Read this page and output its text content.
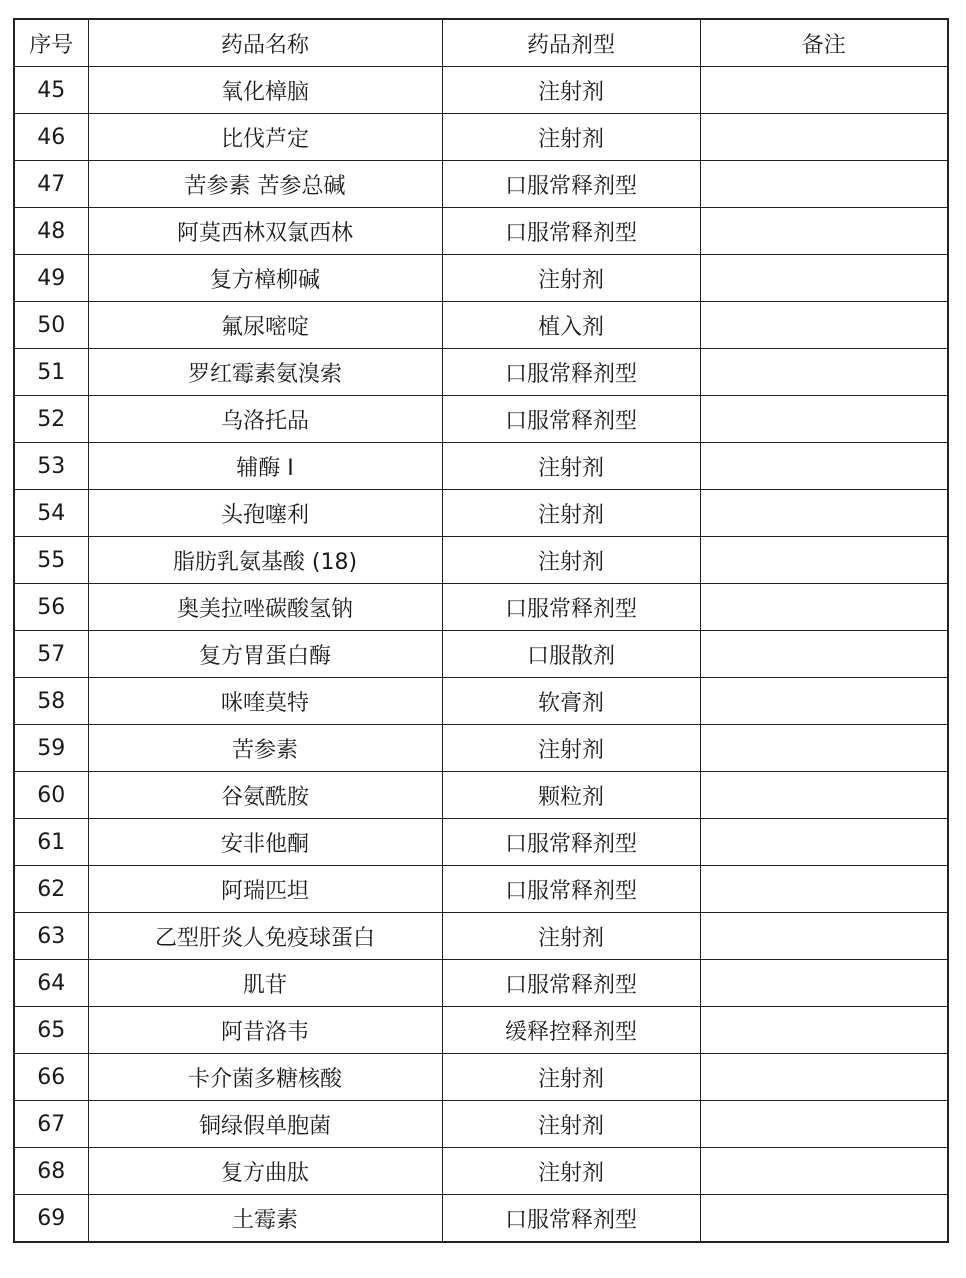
序号	药品名称	药品剂型	备注
45	氧化樟脑	注射剂	
46	比伐芦定	注射剂	
47	苦参素 苦参总碱	口服常释剂型	
48	阿莫西林双氯西林	口服常释剂型	
49	复方樟柳碱	注射剂	
50	氟尿嘧啶	植入剂	
51	罗红霉素氨溴索	口服常释剂型	
52	乌洛托品	口服常释剂型	
53	辅酶 I	注射剂	
54	头孢噻利	注射剂	
55	脂肪乳氨基酸 (18)	注射剂	
56	奥美拉唑碳酸氢钠	口服常释剂型	
57	复方胃蛋白酶	口服散剂	
58	咪喹莫特	软膏剂	
59	苦参素	注射剂	
60	谷氨酰胺	颗粒剂	
61	安非他酮	口服常释剂型	
62	阿瑞匹坦	口服常释剂型	
63	乙型肝炎人免疫球蛋白	注射剂	
64	肌苷	口服常释剂型	
65	阿昔洛韦	缓释控释剂型	
66	卡介菌多糖核酸	注射剂	
67	铜绿假单胞菌	注射剂	
68	复方曲肽	注射剂	
69	土霉素	口服常释剂型	
